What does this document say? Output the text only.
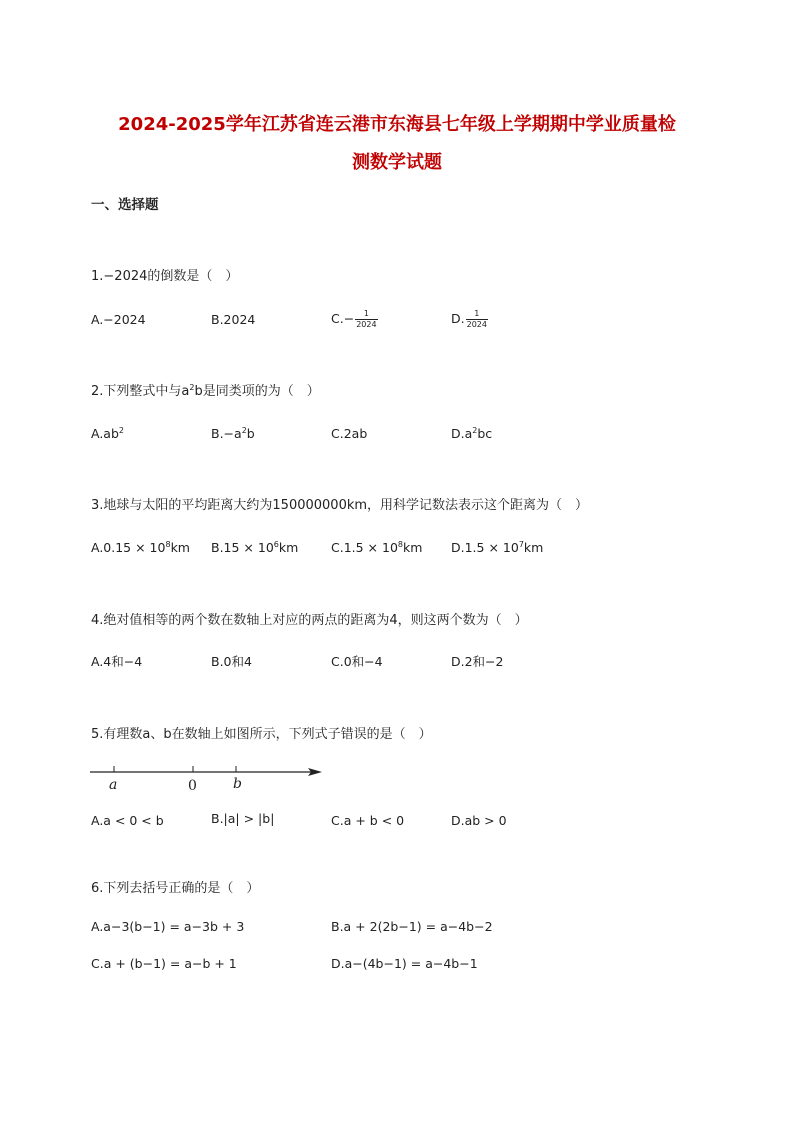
2024-2025学年江苏省连云港市东海县七年级上学期期中学业质量检
测数学试题
一、选择题
1.−2024的倒数是（　）
A.−2024	B.2024	$C.- \frac{1}{2024}$	D. $\frac{1}{2024}$
2.下列整式中与$a^2b$是同类项的为（　）
$A.ab^2$	$B.-a^2b$	C.2ab	$D.a^2bc$
3.地球与太阳的平均距离大约为150000000km，用科学记数法表示这个距离为（　）
$A.0.15 \times 10^8km$ $B.15 \times 10^6km$	$C.1.5 \times 10^8km$ $D.1.5 \times 10^7km$
4.绝对值相等的两个数在数轴上对应的两点的距离为4，则这两个数为（　）
A.4和−4	B.0和4	C.0和−4	D.2和−2
5.有理数a、b在数轴上如图所示，下列式子错误的是（　）
a	0	b
A.a < 0 < b	B.|a| > |b|	C.a + b < 0	D.ab > 0
6.下列去括号正确的是（　）
A.a−3(b−1) = a−3b + 3	B.a + 2(2b−1) = a−4b−2
C.a + (b−1) = a−b + 1	D.a−(4b−1) = a−4b−1
